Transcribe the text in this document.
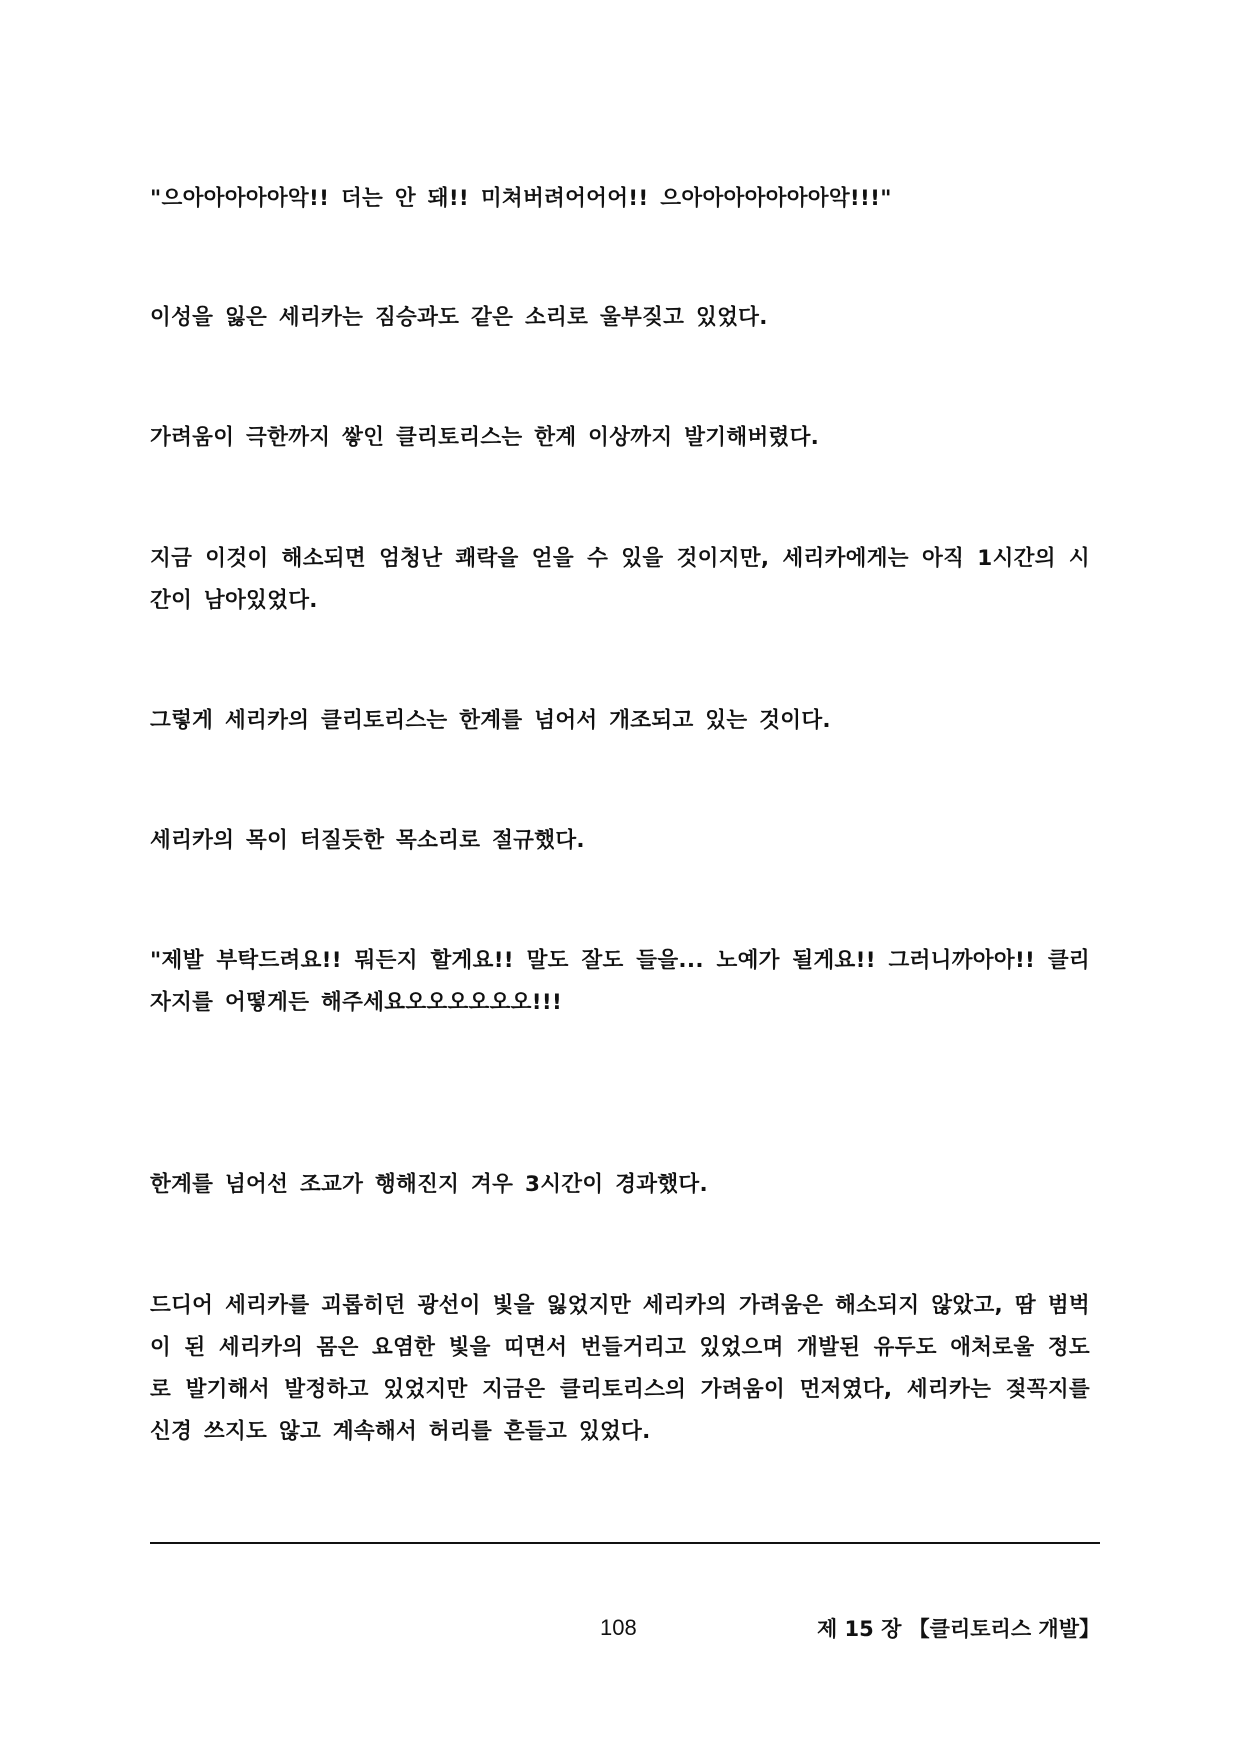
"으아아아아아악!! 더는 안 돼!! 미쳐버려어어어!! 으아아아아아아아악!!!"

이성을 잃은 세리카는 짐승과도 같은 소리로 울부짖고 있었다.

가려움이 극한까지 쌓인 클리토리스는 한계 이상까지 발기해버렸다.

지금 이것이 해소되면 엄청난 쾌락을 얻을 수 있을 것이지만, 세리카에게는 아직 1시간의 시간이 남아있었다.

그렇게 세리카의 클리토리스는 한계를 넘어서 개조되고 있는 것이다.

세리카의 목이 터질듯한 목소리로 절규했다.

"제발 부탁드려요!! 뭐든지 할게요!! 말도 잘도 들을... 노예가 될게요!! 그러니까아아!! 클리 자지를 어떻게든 해주세요오오오오오오!!!

한계를 넘어선 조교가 행해진지 겨우 3시간이 경과했다.

드디어 세리카를 괴롭히던 광선이 빛을 잃었지만 세리카의 가려움은 해소되지 않았고, 땀 범벅이 된 세리카의 몸은 요염한 빛을 띠면서 번들거리고 있었으며 개발된 유두도 애처로울 정도로 발기해서 발정하고 있었지만 지금은 클리토리스의 가려움이 먼저였다, 세리카는 젖꼭지를 신경 쓰지도 않고 계속해서 허리를 흔들고 있었다.

108	제 15 장 【클리토리스 개발】
